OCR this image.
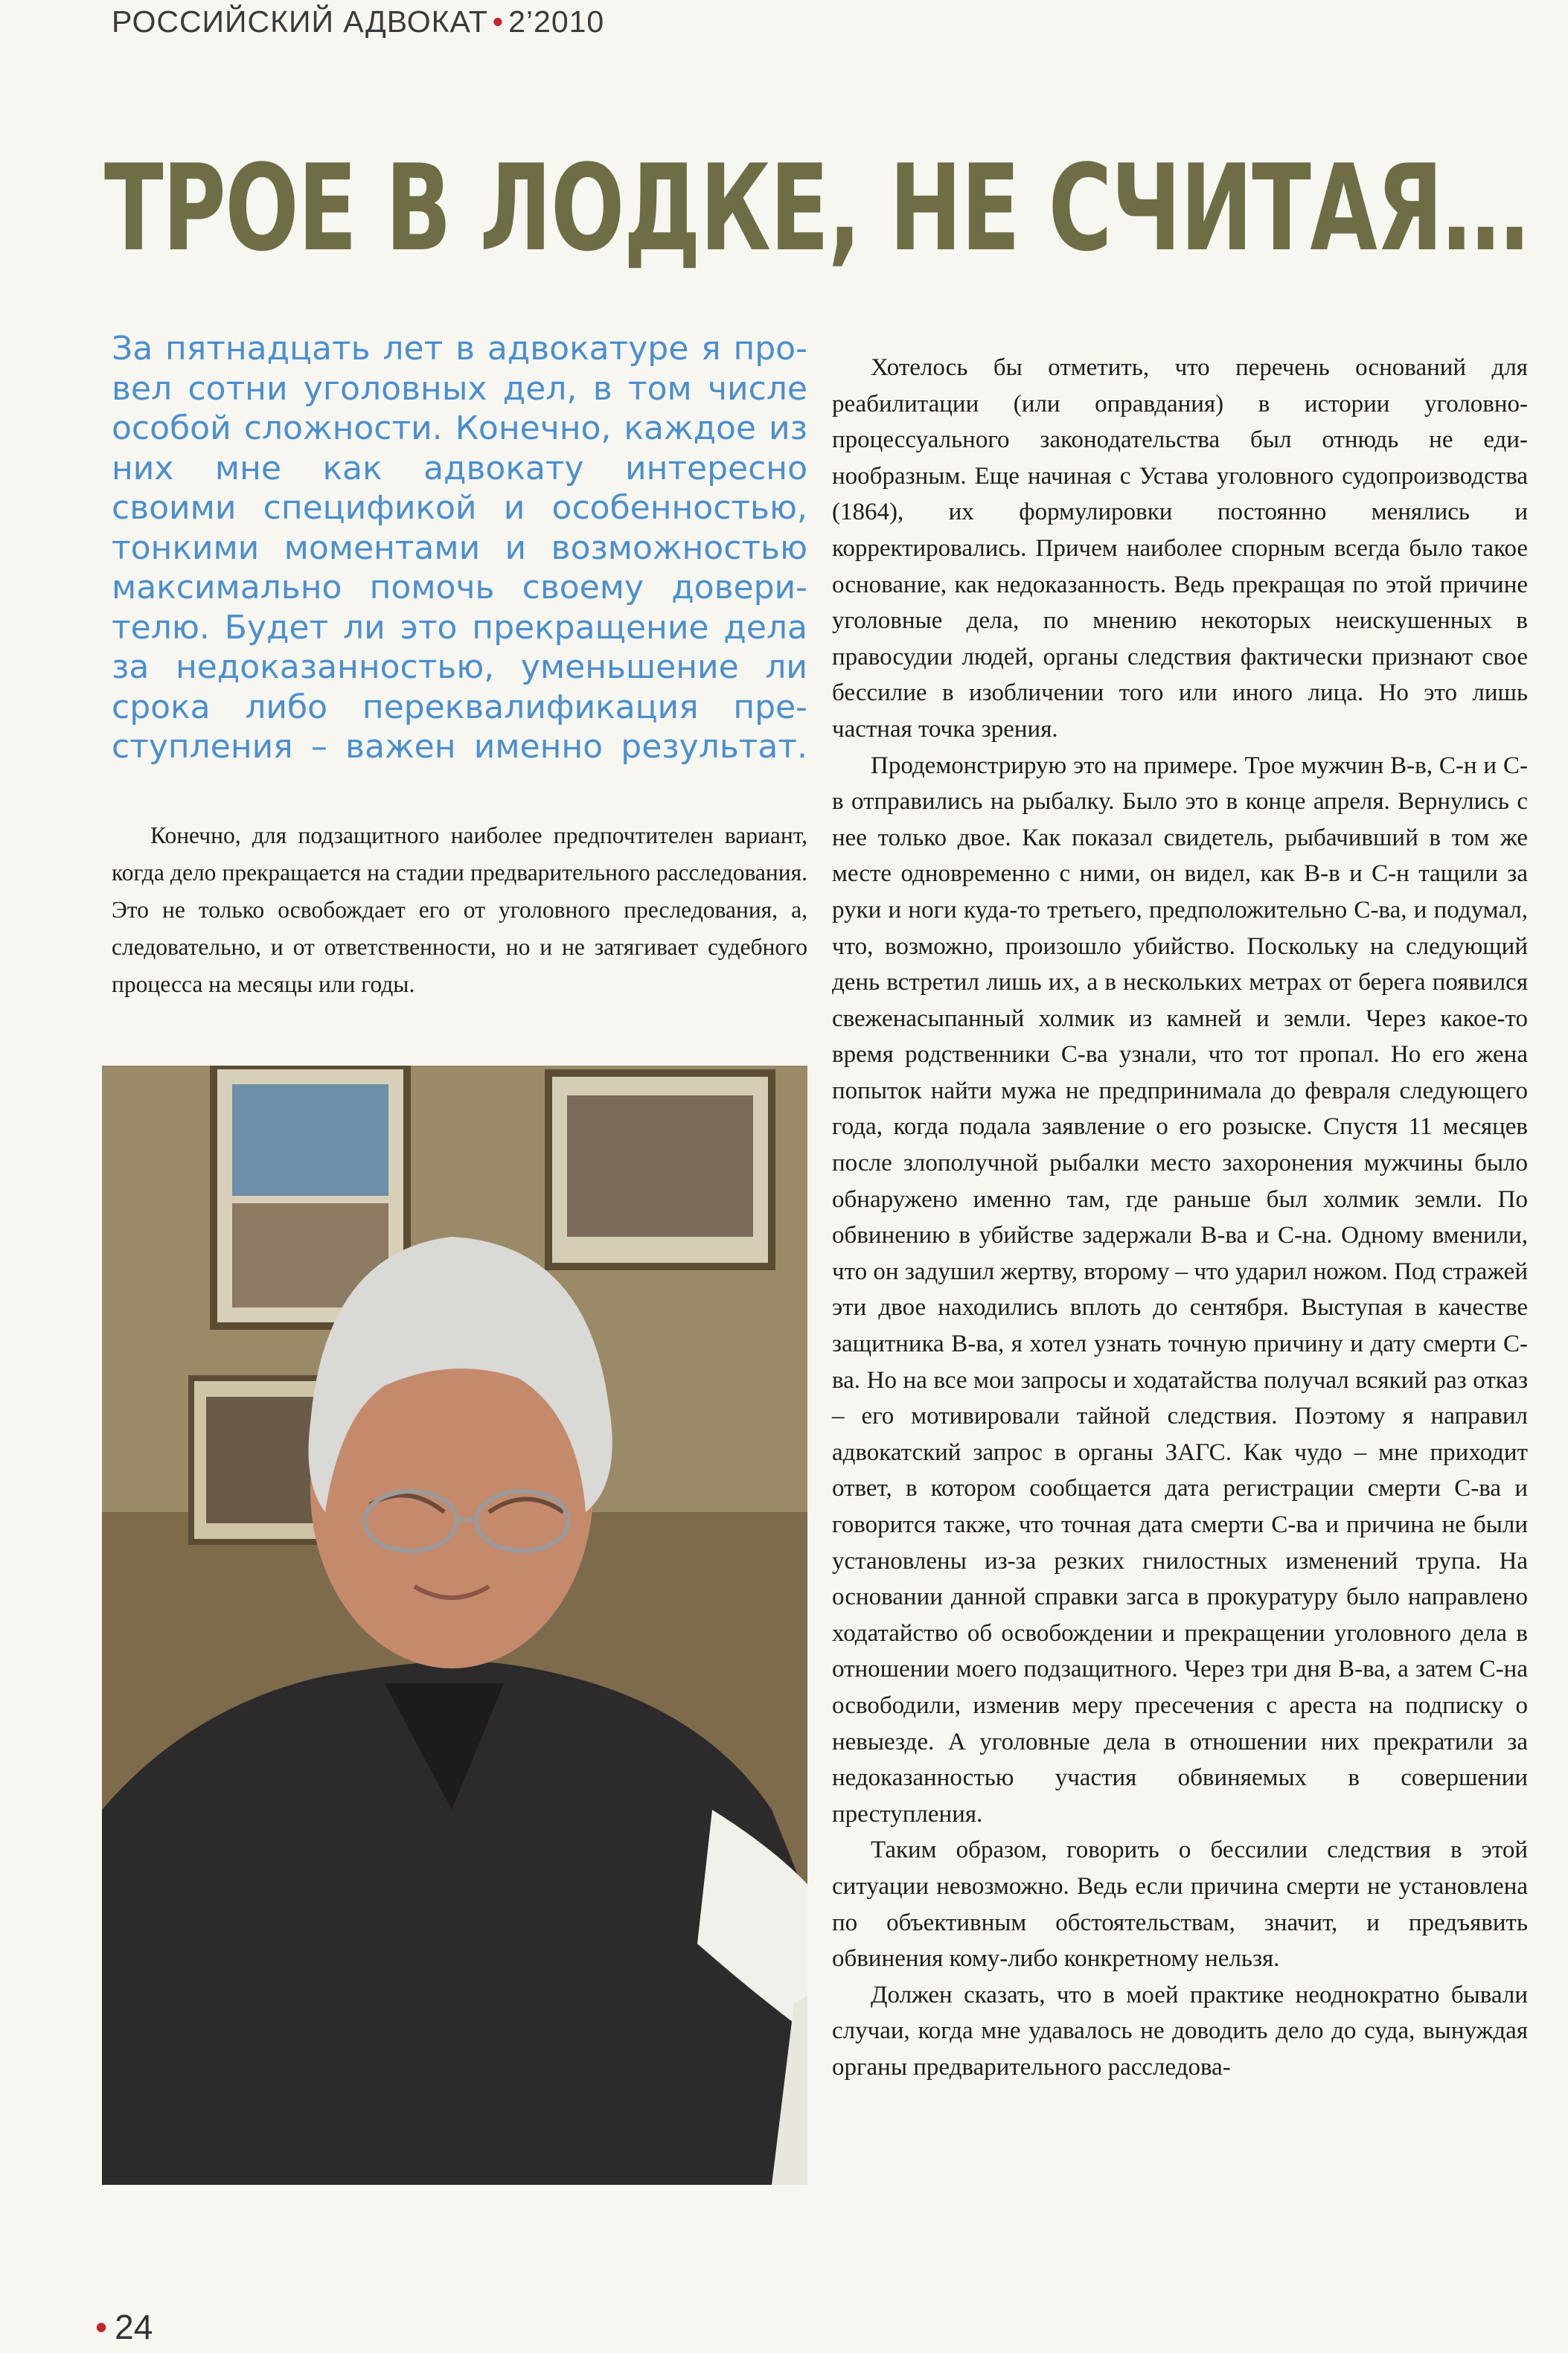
РОССИЙСКИЙ АДВОКАТ • 2’2010
ТРОЕ В ЛОДКЕ, НЕ СЧИТАЯ…

За пятнадцать лет в адвокатуре я провел сотни уголовных дел, в том числе особой сложности. Конечно, каждое из них мне как адвокату интересно своими спецификой и особенностью, тонкими моментами и возможностью максимально помочь своему доверителю. Будет ли это прекращение дела за недоказанностью, уменьшение ли срока либо переквалификация преступления – важен именно результат.

Конечно, для подзащитного наиболее предпочтителен вариант, когда дело прекращается на стадии предварительного расследования. Это не только освобождает его от уголовного преследования, а, следовательно, и от ответственности, но и не затягивает судебного процесса на месяцы или годы.

Хотелось бы отметить, что перечень оснований для реабилитации (или оправдания) в истории уголовно-процессуального законодательства был отнюдь не единообразным. Еще начиная с Устава уголовного судопроизводства (1864), их формулировки постоянно менялись и корректировались. Причем наиболее спорным всегда было такое основание, как недоказанность. Ведь прекращая по этой причине уголовные дела, по мнению некоторых неискушенных в правосудии людей, органы следствия фактически признают свое бессилие в изобличении того или иного лица. Но это лишь частная точка зрения.

Продемонстрирую это на примере. Трое мужчин В-в, С-н и С-в отправились на рыбалку. Было это в конце апреля. Вернулись с нее только двое. Как показал свидетель, рыбачивший в том же месте одновременно с ними, он видел, как В-в и С-н тащили за руки и ноги куда-то третьего, предположительно С-ва, и подумал, что, возможно, произошло убийство. Поскольку на следующий день встретил лишь их, а в нескольких метрах от берега появился свеженасыпанный холмик из камней и земли. Через какое-то время родственники С-ва узнали, что тот пропал. Но его жена попыток найти мужа не предпринимала до февраля следующего года, когда подала заявление о его розыске. Спустя 11 месяцев после злополучной рыбалки место захоронения мужчины было обнаружено именно там, где раньше был холмик земли. По обвинению в убийстве задержали В-ва и С-на. Одному вменили, что он задушил жертву, второму – что ударил ножом. Под стражей эти двое находились вплоть до сентября. Выступая в качестве защитника В-ва, я хотел узнать точную причину и дату смерти С-ва. Но на все мои запросы и ходатайства получал всякий раз отказ – его мотивировали тайной следствия. Поэтому я направил адвокатский запрос в органы ЗАГС. Как чудо – мне приходит ответ, в котором сообщается дата регистрации смерти С-ва и говорится также, что точная дата смерти С-ва и причина не были установлены из-за резких гнилостных изменений трупа. На основании данной справки загса в прокуратуру было направлено ходатайство об освобождении и прекращении уголовного дела в отношении моего подзащитного. Через три дня В-ва, а затем С-на освободили, изменив меру пресечения с ареста на подписку о невыезде. А уголовные дела в отношении них прекратили за недоказанностью участия обвиняемых в совершении преступления.

Таким образом, говорить о бессилии следствия в этой ситуации невозможно. Ведь если причина смерти не установлена по объективным обстоятельствам, значит, и предъявить обвинения кому-либо конкретному нельзя.

Должен сказать, что в моей практике неоднократно бывали случаи, когда мне удавалось не доводить дело до суда, вынуждая органы предварительного расследова-

• 24
